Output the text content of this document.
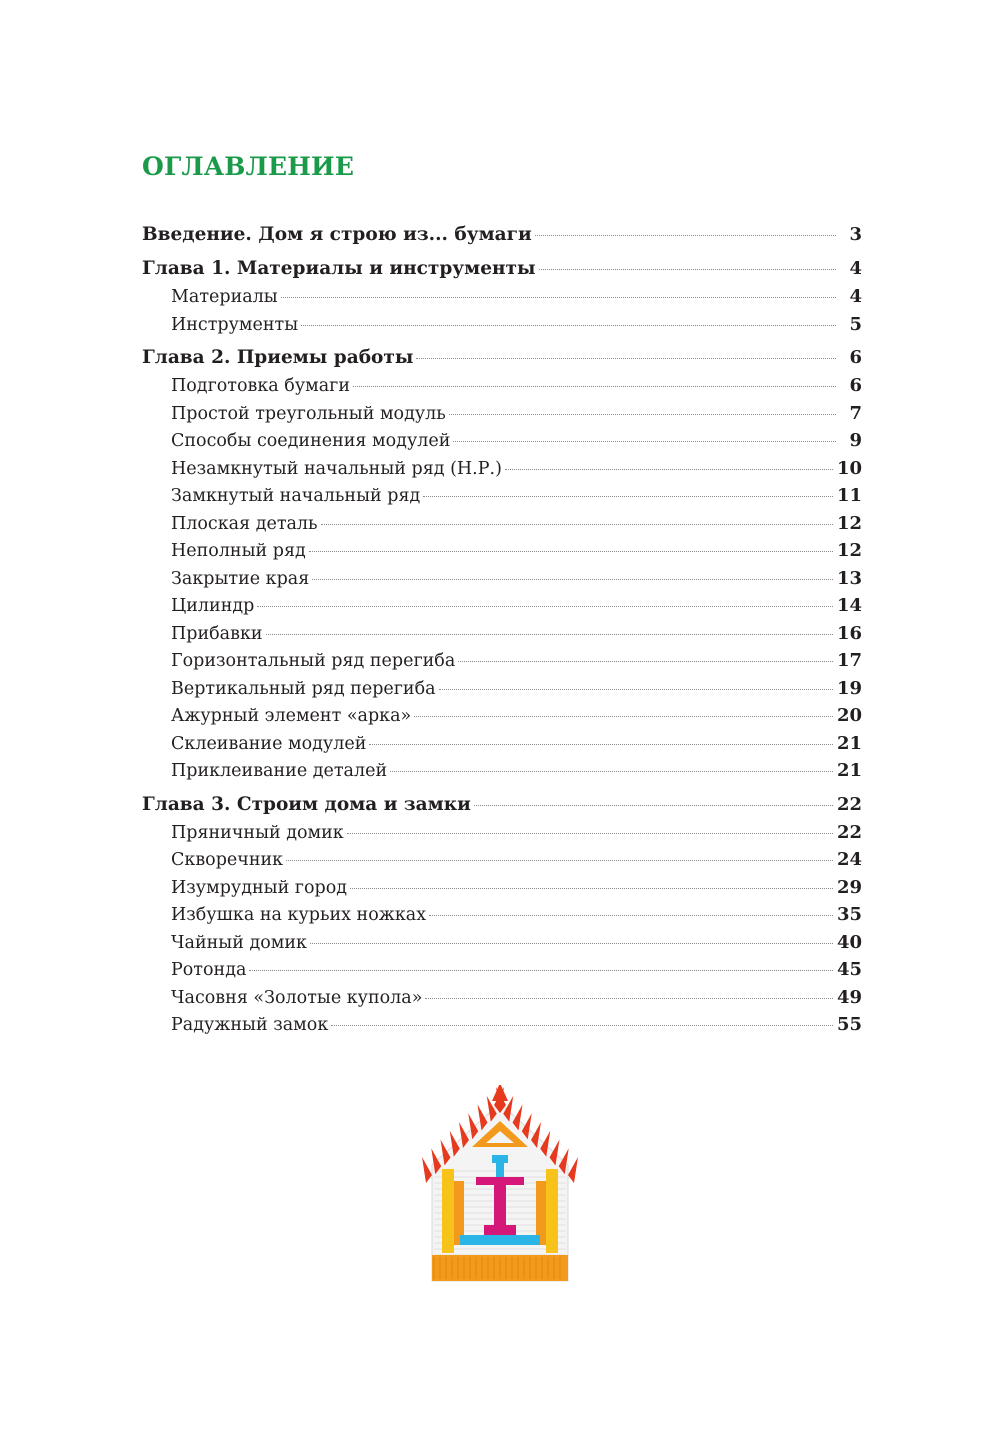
ОГЛАВЛЕНИЕ
Введение. Дом я строю из... бумаги	3
Глава 1. Материалы и инструменты	4
Материалы	4
Инструменты	5
Глава 2. Приемы работы	6
Подготовка бумаги	6
Простой треугольный модуль	7
Способы соединения модулей	9
Незамкнутый начальный ряд (Н.Р.)	10
Замкнутый начальный ряд	11
Плоская деталь	12
Неполный ряд	12
Закрытие края	13
Цилиндр	14
Прибавки	16
Горизонтальный ряд перегиба	17
Вертикальный ряд перегиба	19
Ажурный элемент «арка»	20
Склеивание модулей	21
Приклеивание деталей	21
Глава 3. Строим дома и замки	22
Пряничный домик	22
Скворечник	24
Изумрудный город	29
Избушка на курьих ножках	35
Чайный домик	40
Ротонда	45
Часовня «Золотые купола»	49
Радужный замок	55
